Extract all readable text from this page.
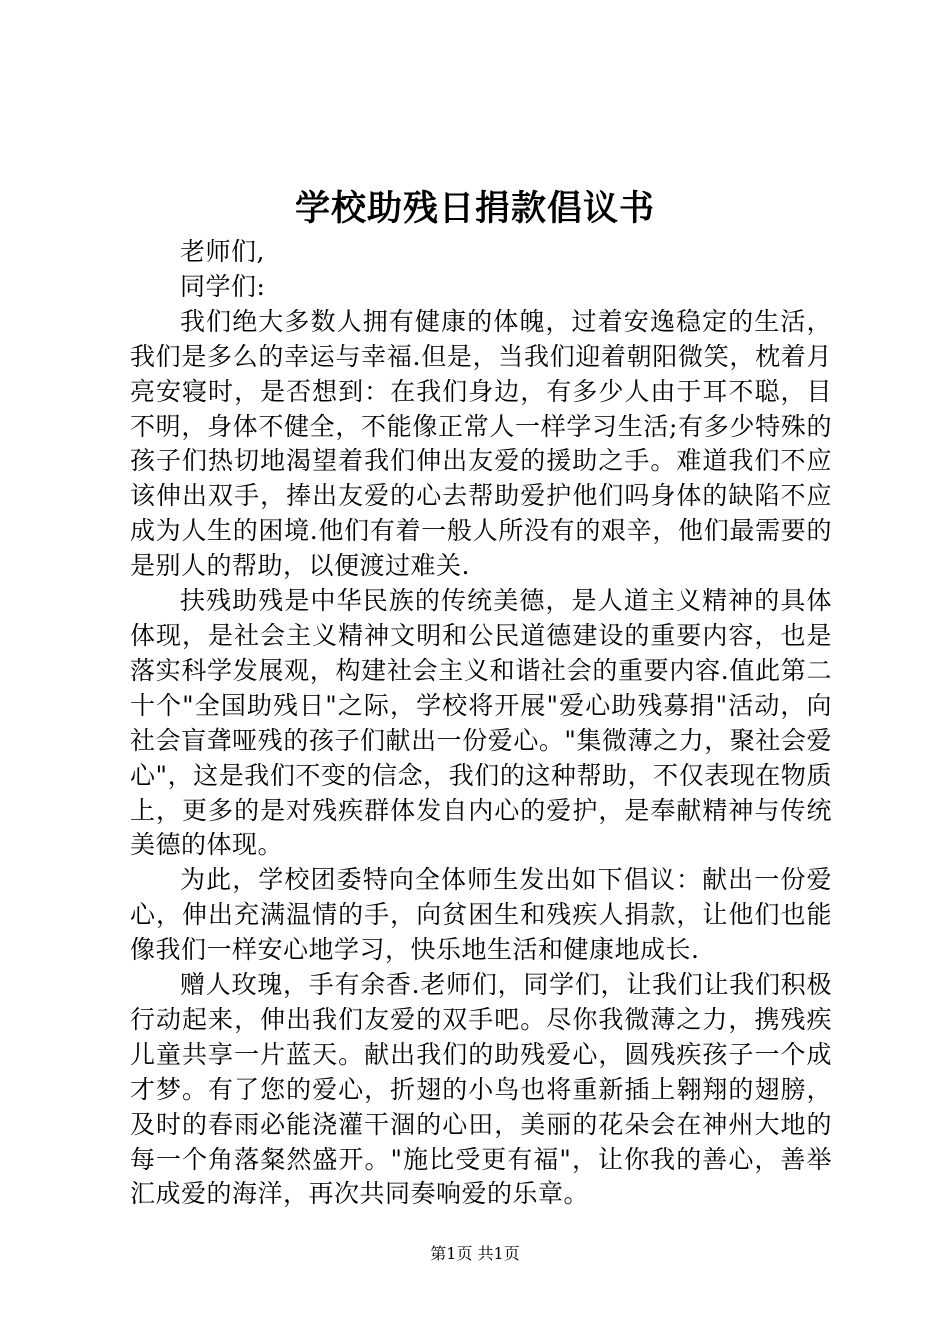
学校助残日捐款倡议书

老师们,

同学们:

我们绝大多数人拥有健康的体魄，过着安逸稳定的生活，我们是多么的幸运与幸福.但是，当我们迎着朝阳微笑，枕着月亮安寝时，是否想到：在我们身边，有多少人由于耳不聪，目不明，身体不健全，不能像正常人一样学习生活;有多少特殊的孩子们热切地渴望着我们伸出友爱的援助之手。难道我们不应该伸出双手，捧出友爱的心去帮助爱护他们吗身体的缺陷不应成为人生的困境.他们有着一般人所没有的艰辛，他们最需要的是别人的帮助，以便渡过难关.

扶残助残是中华民族的传统美德，是人道主义精神的具体体现，是社会主义精神文明和公民道德建设的重要内容，也是落实科学发展观，构建社会主义和谐社会的重要内容.值此第二十个"全国助残日"之际，学校将开展"爱心助残募捐"活动，向社会盲聋哑残的孩子们献出一份爱心。"集微薄之力，聚社会爱心"，这是我们不变的信念，我们的这种帮助，不仅表现在物质上，更多的是对残疾群体发自内心的爱护，是奉献精神与传统美德的体现。

为此，学校团委特向全体师生发出如下倡议：献出一份爱心，伸出充满温情的手，向贫困生和残疾人捐款，让他们也能像我们一样安心地学习，快乐地生活和健康地成长.

赠人玫瑰，手有余香.老师们，同学们，让我们让我们积极行动起来，伸出我们友爱的双手吧。尽你我微薄之力，携残疾儿童共享一片蓝天。献出我们的助残爱心，圆残疾孩子一个成才梦。有了您的爱心，折翅的小鸟也将重新插上翱翔的翅膀，及时的春雨必能浇灌干涸的心田，美丽的花朵会在神州大地的每一个角落粲然盛开。"施比受更有福"，让你我的善心，善举汇成爱的海洋，再次共同奏响爱的乐章。

第1页 共1页
